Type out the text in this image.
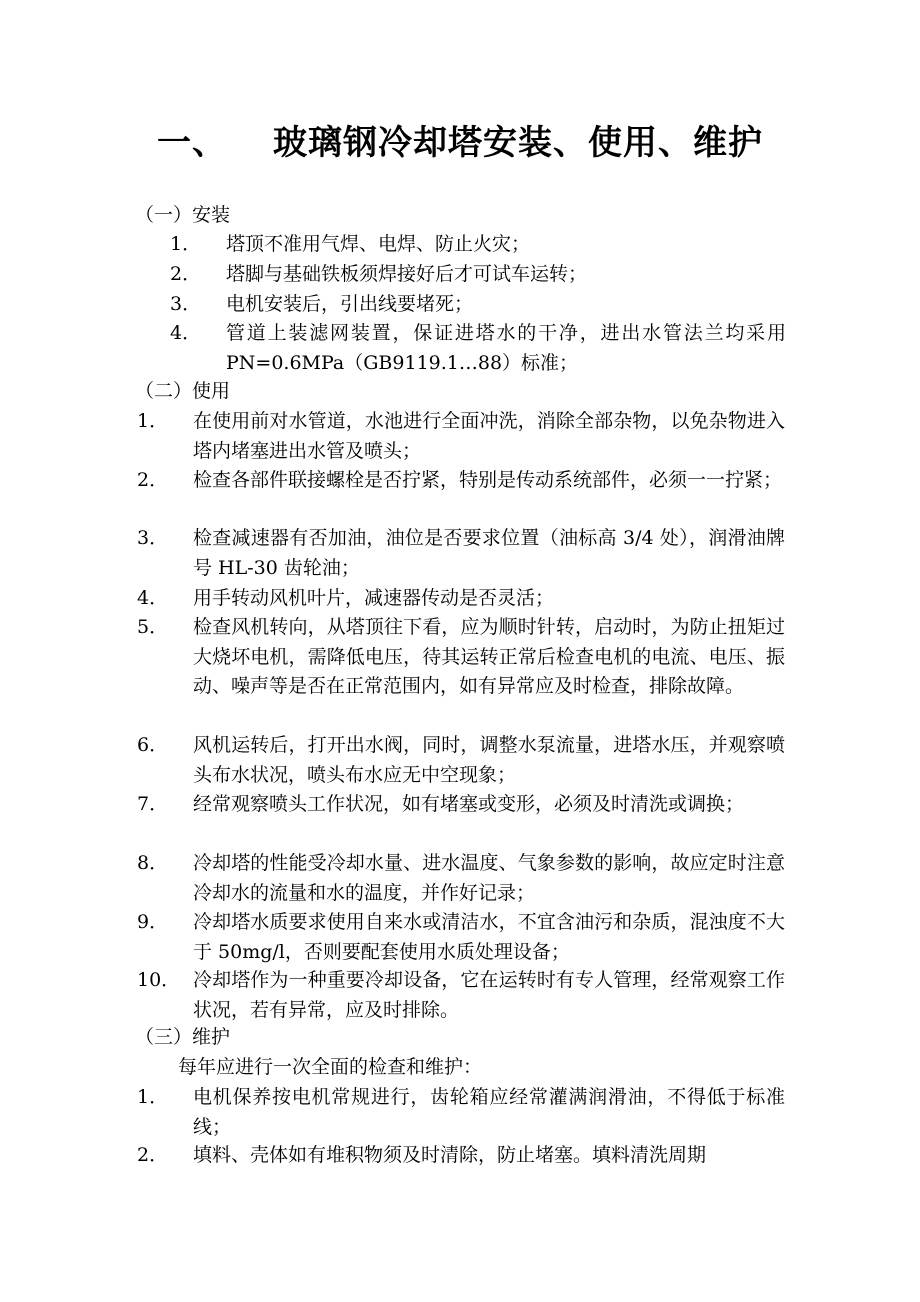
一、 玻璃钢冷却塔安装、使用、维护
（一）安装
1． 塔顶不准用气焊、电焊、防止火灾；
2． 塔脚与基础铁板须焊接好后才可试车运转；
3． 电机安装后，引出线要堵死；
4． 管道上装滤网装置，保证进塔水的干净，进出水管法兰均采用 PN=0.6MPa（GB9119.1…88）标准；
（二）使用
1． 在使用前对水管道，水池进行全面冲洗，消除全部杂物，以免杂物进入塔内堵塞进出水管及喷头；
2． 检查各部件联接螺栓是否拧紧，特别是传动系统部件，必须一一拧紧；
3． 检查减速器有否加油，油位是否要求位置（油标高 3/4 处），润滑油牌号 HL-30 齿轮油；
4． 用手转动风机叶片，减速器传动是否灵活；
5． 检查风机转向，从塔顶往下看，应为顺时针转，启动时，为防止扭矩过大烧坏电机，需降低电压，待其运转正常后检查电机的电流、电压、振动、噪声等是否在正常范围内，如有异常应及时检查，排除故障。
6． 风机运转后，打开出水阀，同时，调整水泵流量，进塔水压，并观察喷头布水状况，喷头布水应无中空现象；
7． 经常观察喷头工作状况，如有堵塞或变形，必须及时清洗或调换；
8． 冷却塔的性能受冷却水量、进水温度、气象参数的影响，故应定时注意冷却水的流量和水的温度，并作好记录；
9． 冷却塔水质要求使用自来水或清洁水，不宜含油污和杂质，混浊度不大于 50mg/l，否则要配套使用水质处理设备；
10． 冷却塔作为一种重要冷却设备，它在运转时有专人管理，经常观察工作状况，若有异常，应及时排除。
（三）维护
每年应进行一次全面的检查和维护：
1． 电机保养按电机常规进行，齿轮箱应经常灌满润滑油，不得低于标准线；
2． 填料、壳体如有堆积物须及时清除，防止堵塞。填料清洗周期
